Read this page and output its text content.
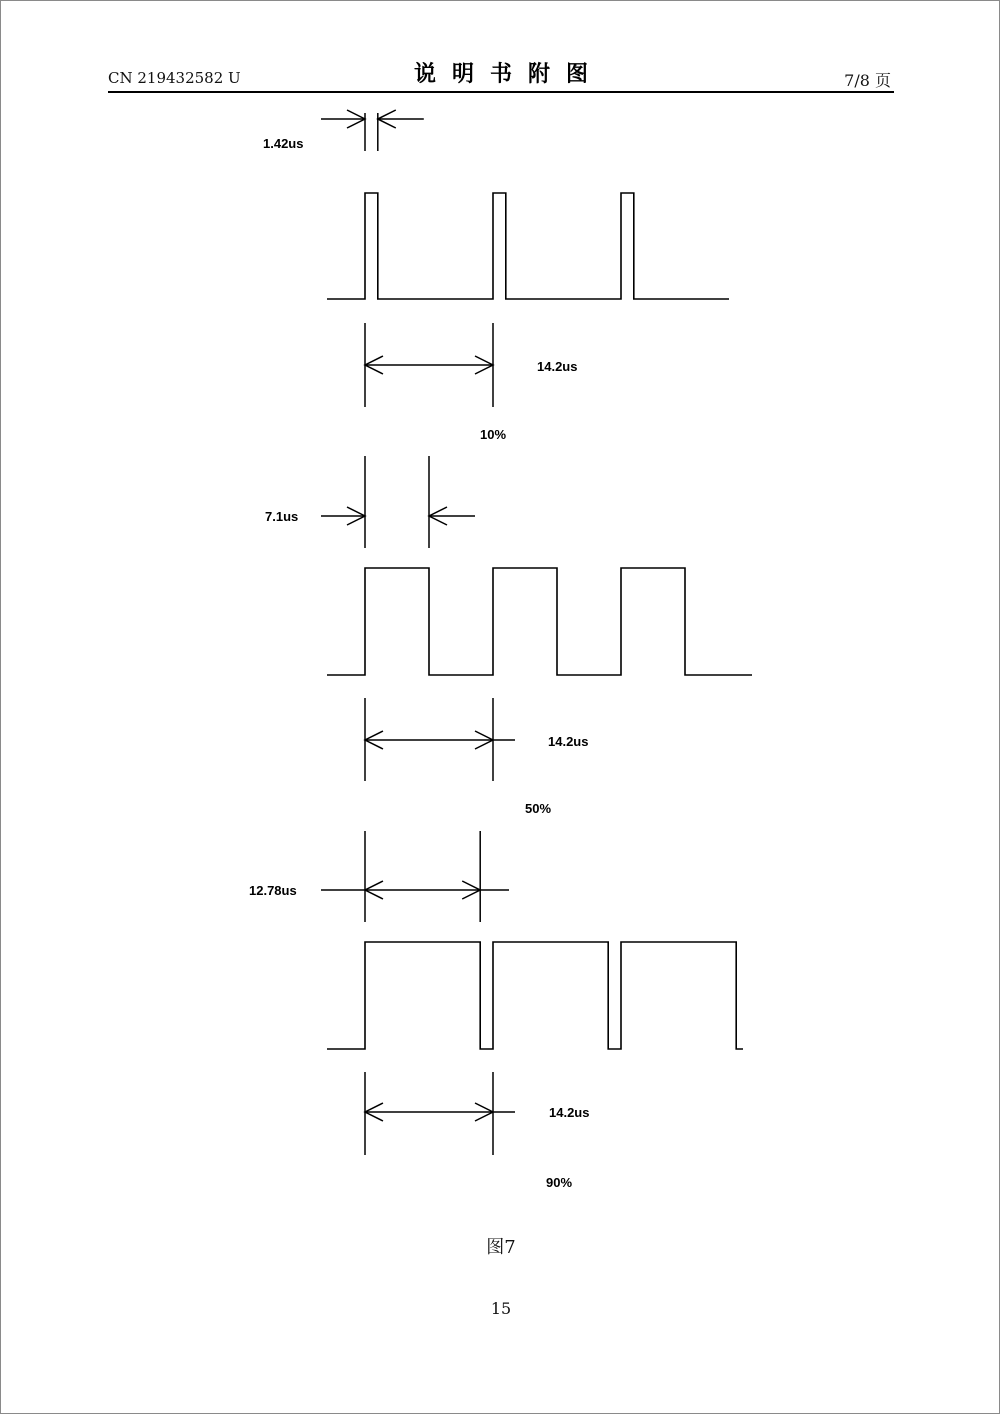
CN 219432582 U	说明书附图	7/8 页
1.42us
14.2us
10%
7.1us
14.2us
50%
12.78us
14.2us
90%
图7
15
